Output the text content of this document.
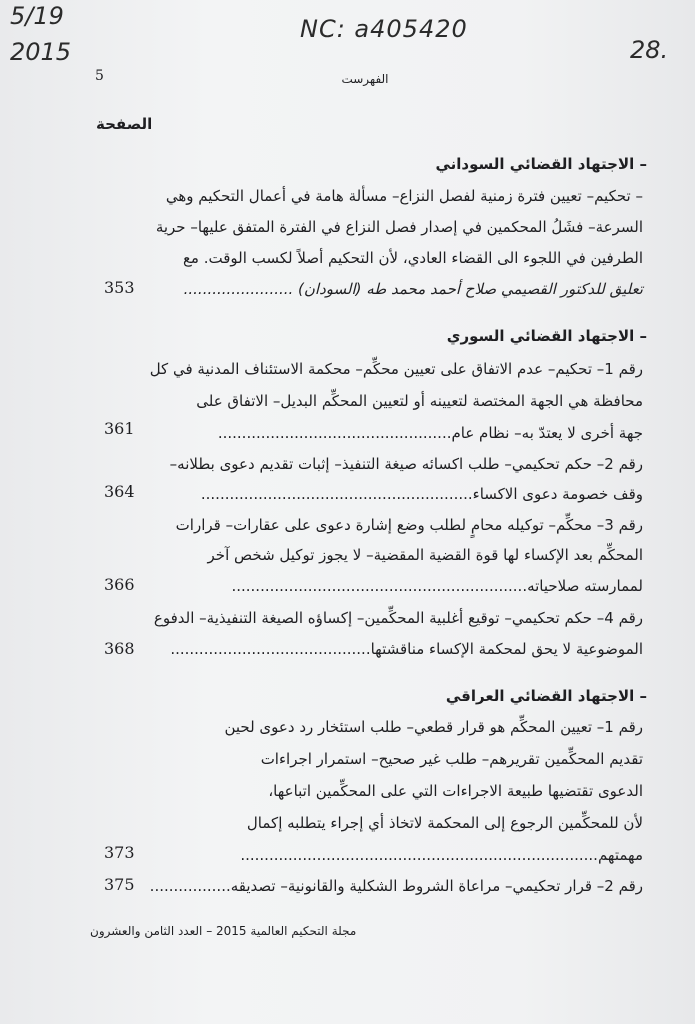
5/19
2015
NC: a405420
28.
5	الفهرست
الصفحة
– الاجتهاد القضائي السوداني
– تحكيم– تعيين فترة زمنية لفصل النزاع– مسألة هامة في أعمال التحكيم وهي
السرعة– فشَلُ المحكمين في إصدار فصل النزاع في الفترة المتفق عليها– حرية
الطرفين في اللجوء الى القضاء العادي، لأن التحكيم أصلاً لكسب الوقت. مع
تعليق للدكتور القصيمي صلاح أحمد محمد طه (السودان) .......................
353
– الاجتهاد القضائي السوري
رقم 1– تحكيم– عدم الاتفاق على تعيين محكِّم– محكمة الاستئناف المدنية في كل
محافظة هي الجهة المختصة لتعيينه أو لتعيين المحكِّم البديل– الاتفاق على
جهة أخرى لا يعتدّ به– نظام عام.................................................
361
رقم 2– حكم تحكيمي– طلب اكسائه صيغة التنفيذ– إثبات تقديم دعوى بطلانه–
وقف خصومة دعوى الاكساء.........................................................
364
رقم 3– محكِّم– توكيله محامٍ لطلب وضع إشارة دعوى على عقارات– قرارات
المحكِّم بعد الإكساء لها قوة القضية المقضية– لا يجوز توكيل شخص آخر
لممارسته صلاحياته..............................................................
366
رقم 4– حكم تحكيمي– توقيع أغلبية المحكِّمين– إكساؤه الصيغة التنفيذية– الدفوع
الموضوعية لا يحق لمحكمة الإكساء مناقشتها..........................................
368
– الاجتهاد القضائي العراقي
رقم 1– تعيين المحكِّم هو قرار قطعي– طلب استئخار رد دعوى لحين
تقديم المحكِّمين تقريرهم– طلب غير صحيح– استمرار اجراءات
الدعوى تقتضيها طبيعة الاجراءات التي على المحكِّمين اتباعها،
لأن للمحكِّمين الرجوع إلى المحكمة لاتخاذ أي إجراء يتطلبه إكمال
مهمتهم...........................................................................
373
رقم 2– قرار تحكيمي– مراعاة الشروط الشكلية والقانونية– تصديقه.................
375
مجلة التحكيم العالمية 2015 – العدد الثامن والعشرون
